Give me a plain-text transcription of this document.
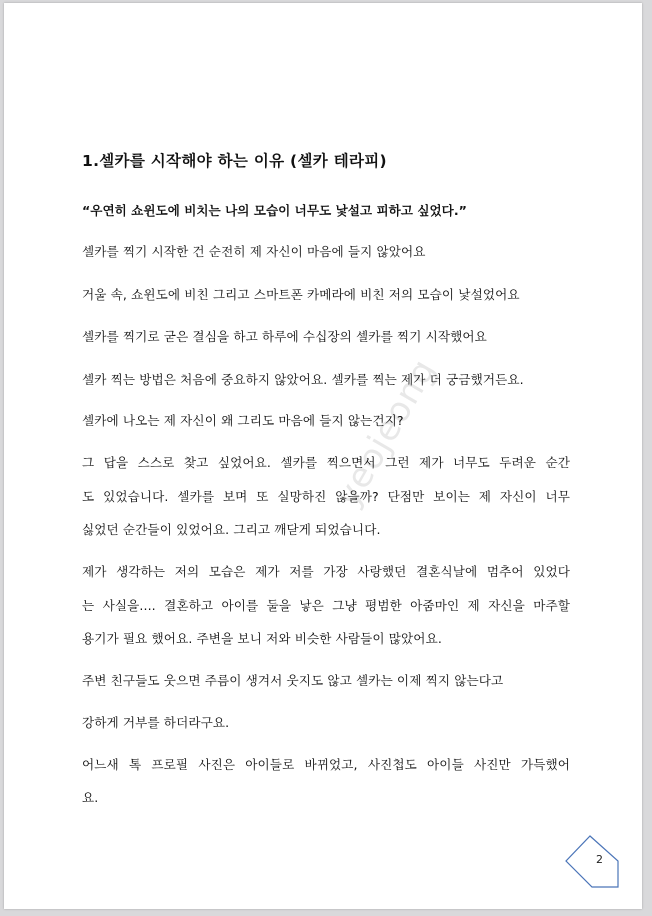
yeojeong
1.셀카를 시작해야 하는 이유 (셀카 테라피)
“우연히 쇼윈도에 비치는 나의 모습이 너무도 낯설고 피하고 싶었다.”
셀카를 찍기 시작한 건 순전히 제 자신이 마음에 들지 않았어요
거울 속, 쇼윈도에 비친 그리고 스마트폰 카메라에 비친 저의 모습이 낯설었어요
셀카를 찍기로 굳은 결심을 하고 하루에 수십장의 셀카를 찍기 시작했어요
셀카 찍는 방법은 처음에 중요하지 않았어요. 셀카를 찍는 제가 더 궁금했거든요.
셀카에 나오는 제 자신이 왜 그리도 마음에 들지 않는건지?
그 답을 스스로 찾고 싶었어요. 셀카를 찍으면서 그런 제가 너무도 두려운 순간
도 있었습니다. 셀카를 보며 또 실망하진 않을까? 단점만 보이는 제 자신이 너무
싫었던 순간들이 있었어요. 그리고 깨닫게 되었습니다.
제가 생각하는 저의 모습은 제가 저를 가장 사랑했던 결혼식날에 멈추어 있었다
는 사실을.... 결혼하고 아이를 둘을 낳은 그냥 평범한 아줌마인 제 자신을 마주할
용기가 필요 했어요. 주변을 보니 저와 비슷한 사람들이 많았어요.
주변 친구들도 웃으면 주름이 생겨서 웃지도 않고 셀카는 이제 찍지 않는다고
강하게 거부를 하더라구요.
어느새 톡 프로필 사진은 아이들로 바뀌었고, 사진첩도 아이들 사진만 가득했어
요.
2
